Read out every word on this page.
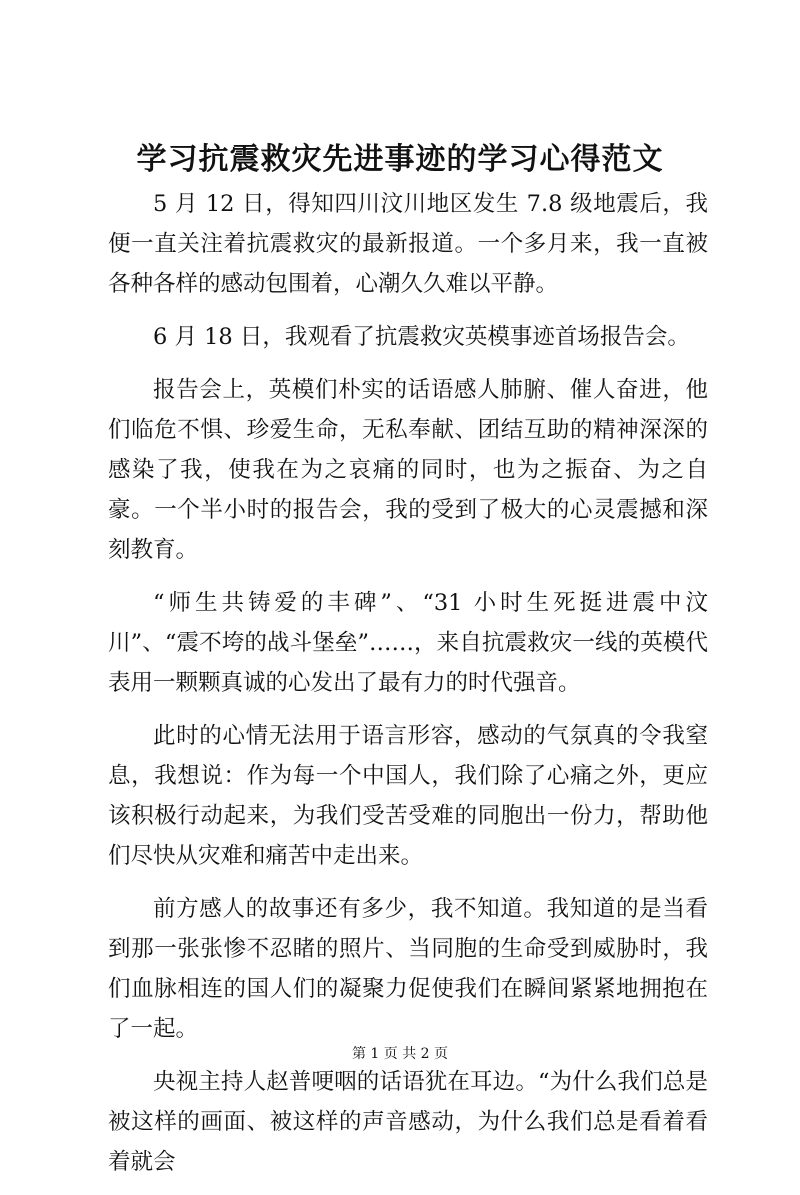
学习抗震救灾先进事迹的学习心得范文

5 月 12 日，得知四川汶川地区发生 7.8 级地震后，我便一直关注着抗震救灾的最新报道。一个多月来，我一直被各种各样的感动包围着，心潮久久难以平静。

6 月 18 日，我观看了抗震救灾英模事迹首场报告会。

报告会上，英模们朴实的话语感人肺腑、催人奋进，他们临危不惧、珍爱生命，无私奉献、团结互助的精神深深的感染了我，使我在为之哀痛的同时，也为之振奋、为之自豪。一个半小时的报告会，我的受到了极大的心灵震撼和深刻教育。

“师生共铸爱的丰碑”、“31 小时生死挺进震中汶川”、“震不垮的战斗堡垒”……，来自抗震救灾一线的英模代表用一颗颗真诚的心发出了最有力的时代强音。

此时的心情无法用于语言形容，感动的气氛真的令我窒息，我想说：作为每一个中国人，我们除了心痛之外，更应该积极行动起来，为我们受苦受难的同胞出一份力，帮助他们尽快从灾难和痛苦中走出来。

前方感人的故事还有多少，我不知道。我知道的是当看到那一张张惨不忍睹的照片、当同胞的生命受到威胁时，我们血脉相连的国人们的凝聚力促使我们在瞬间紧紧地拥抱在了一起。

央视主持人赵普哽咽的话语犹在耳边。“为什么我们总是被这样的画面、被这样的声音感动，为什么我们总是看着看着就会

第 1 页 共 2 页
